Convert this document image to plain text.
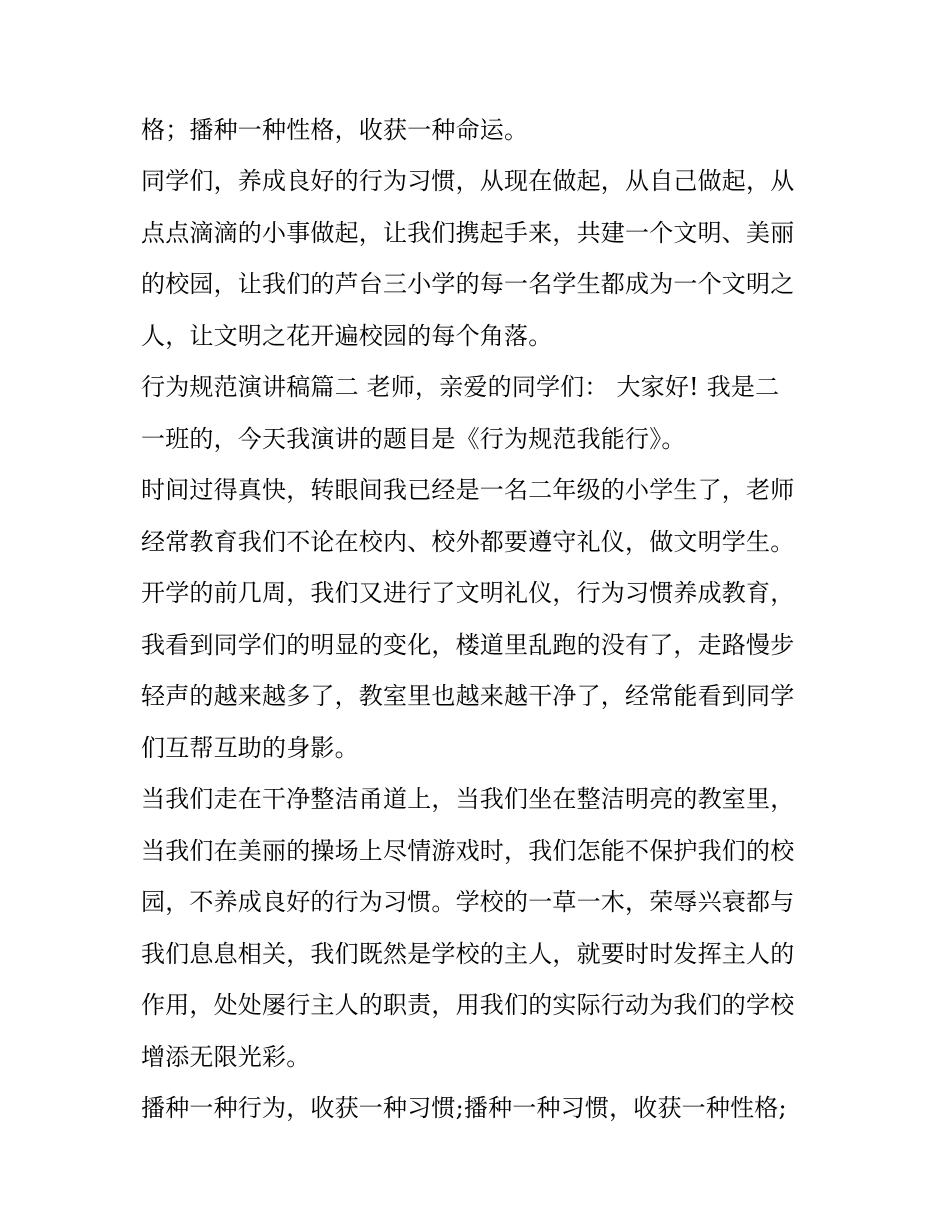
格；播种一种性格，收获一种命运。

同学们，养成良好的行为习惯，从现在做起，从自己做起，从

点点滴滴的小事做起，让我们携起手来，共建一个文明、美丽

的校园，让我们的芦台三小学的每一名学生都成为一个文明之

人，让文明之花开遍校园的每个角落。

行为规范演讲稿篇二 老师，亲爱的同学们： 大家好! 我是二

一班的，今天我演讲的题目是《行为规范我能行》。

时间过得真快，转眼间我已经是一名二年级的小学生了，老师

经常教育我们不论在校内、校外都要遵守礼仪，做文明学生。

开学的前几周，我们又进行了文明礼仪，行为习惯养成教育，

我看到同学们的明显的变化，楼道里乱跑的没有了，走路慢步

轻声的越来越多了，教室里也越来越干净了，经常能看到同学

们互帮互助的身影。

当我们走在干净整洁甬道上，当我们坐在整洁明亮的教室里，

当我们在美丽的操场上尽情游戏时，我们怎能不保护我们的校

园，不养成良好的行为习惯。学校的一草一木，荣辱兴衰都与

我们息息相关，我们既然是学校的主人，就要时时发挥主人的

作用，处处屡行主人的职责，用我们的实际行动为我们的学校

增添无限光彩。

播种一种行为，收获一种习惯;播种一种习惯，收获一种性格;
